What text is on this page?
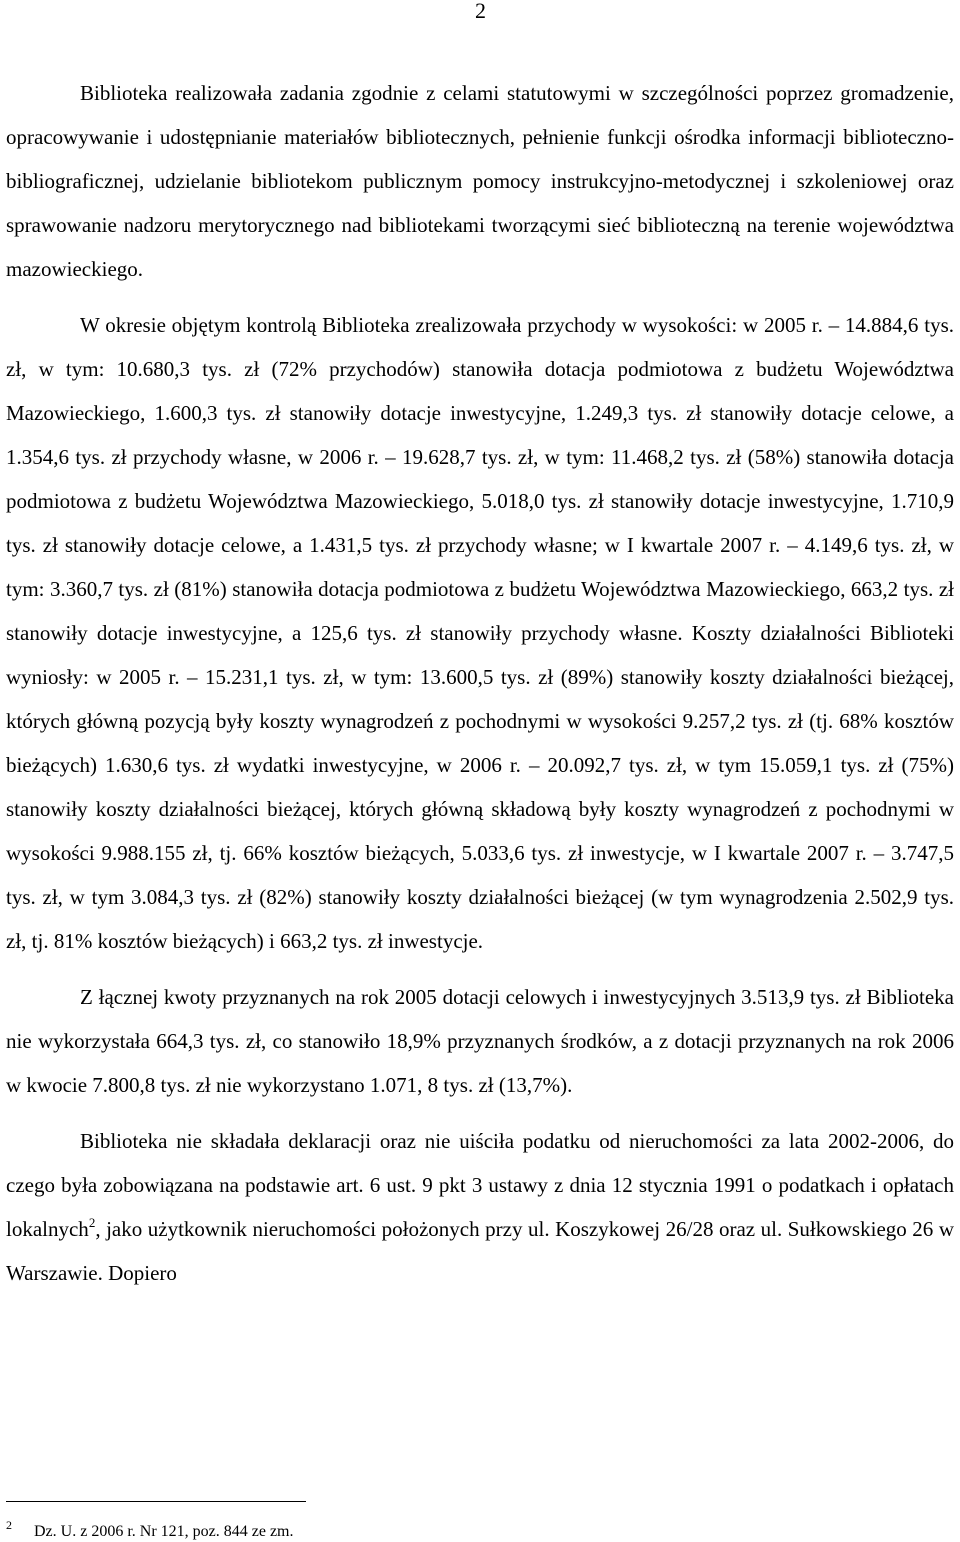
2

Biblioteka realizowała zadania zgodnie z celami statutowymi w szczególności poprzez gromadzenie, opracowywanie i udostępnianie materiałów bibliotecznych, pełnienie funkcji ośrodka informacji biblioteczno-bibliograficznej, udzielanie bibliotekom publicznym pomocy instrukcyjno-metodycznej i szkoleniowej oraz sprawowanie nadzoru merytorycznego nad bibliotekami tworzącymi sieć biblioteczną na terenie województwa mazowieckiego.

W okresie objętym kontrolą Biblioteka zrealizowała przychody w wysokości: w 2005 r. – 14.884,6 tys. zł, w tym: 10.680,3 tys. zł (72% przychodów) stanowiła dotacja podmiotowa z budżetu Województwa Mazowieckiego, 1.600,3 tys. zł stanowiły dotacje inwestycyjne, 1.249,3 tys. zł stanowiły dotacje celowe, a 1.354,6 tys. zł przychody własne, w 2006 r. – 19.628,7 tys. zł, w tym: 11.468,2 tys. zł (58%) stanowiła dotacja podmiotowa z budżetu Województwa Mazowieckiego, 5.018,0 tys. zł stanowiły dotacje inwestycyjne, 1.710,9 tys. zł stanowiły dotacje celowe, a 1.431,5 tys. zł przychody własne; w I kwartale 2007 r. – 4.149,6 tys. zł, w tym: 3.360,7 tys. zł (81%) stanowiła dotacja podmiotowa z budżetu Województwa Mazowieckiego, 663,2 tys. zł stanowiły dotacje inwestycyjne, a 125,6 tys. zł stanowiły przychody własne. Koszty działalności Biblioteki wyniosły: w 2005 r. – 15.231,1 tys. zł, w tym: 13.600,5 tys. zł (89%) stanowiły koszty działalności bieżącej, których główną pozycją były koszty wynagrodzeń z pochodnymi w wysokości 9.257,2 tys. zł (tj. 68% kosztów bieżących) 1.630,6 tys. zł wydatki inwestycyjne, w 2006 r. – 20.092,7 tys. zł, w tym 15.059,1 tys. zł (75%) stanowiły koszty działalności bieżącej, których główną składową były koszty wynagrodzeń z pochodnymi w wysokości 9.988.155 zł, tj. 66% kosztów bieżących, 5.033,6 tys. zł inwestycje, w I kwartale 2007 r. – 3.747,5 tys. zł, w tym 3.084,3 tys. zł (82%) stanowiły koszty działalności bieżącej (w tym wynagrodzenia 2.502,9 tys. zł, tj. 81% kosztów bieżących) i 663,2 tys. zł inwestycje.

Z łącznej kwoty przyznanych na rok 2005 dotacji celowych i inwestycyjnych 3.513,9 tys. zł Biblioteka nie wykorzystała 664,3 tys. zł, co stanowiło 18,9% przyznanych środków, a z dotacji przyznanych na rok 2006 w kwocie 7.800,8 tys. zł nie wykorzystano 1.071, 8 tys. zł (13,7%).

Biblioteka nie składała deklaracji oraz nie uiściła podatku od nieruchomości za lata 2002-2006, do czego była zobowiązana na podstawie art. 6 ust. 9 pkt 3 ustawy z dnia 12 stycznia 1991 o podatkach i opłatach lokalnych$^2$, jako użytkownik nieruchomości położonych przy ul. Koszykowej 26/28 oraz ul. Sułkowskiego 26 w Warszawie. Dopiero

$^2$ Dz. U. z 2006 r. Nr 121, poz. 844 ze zm.
